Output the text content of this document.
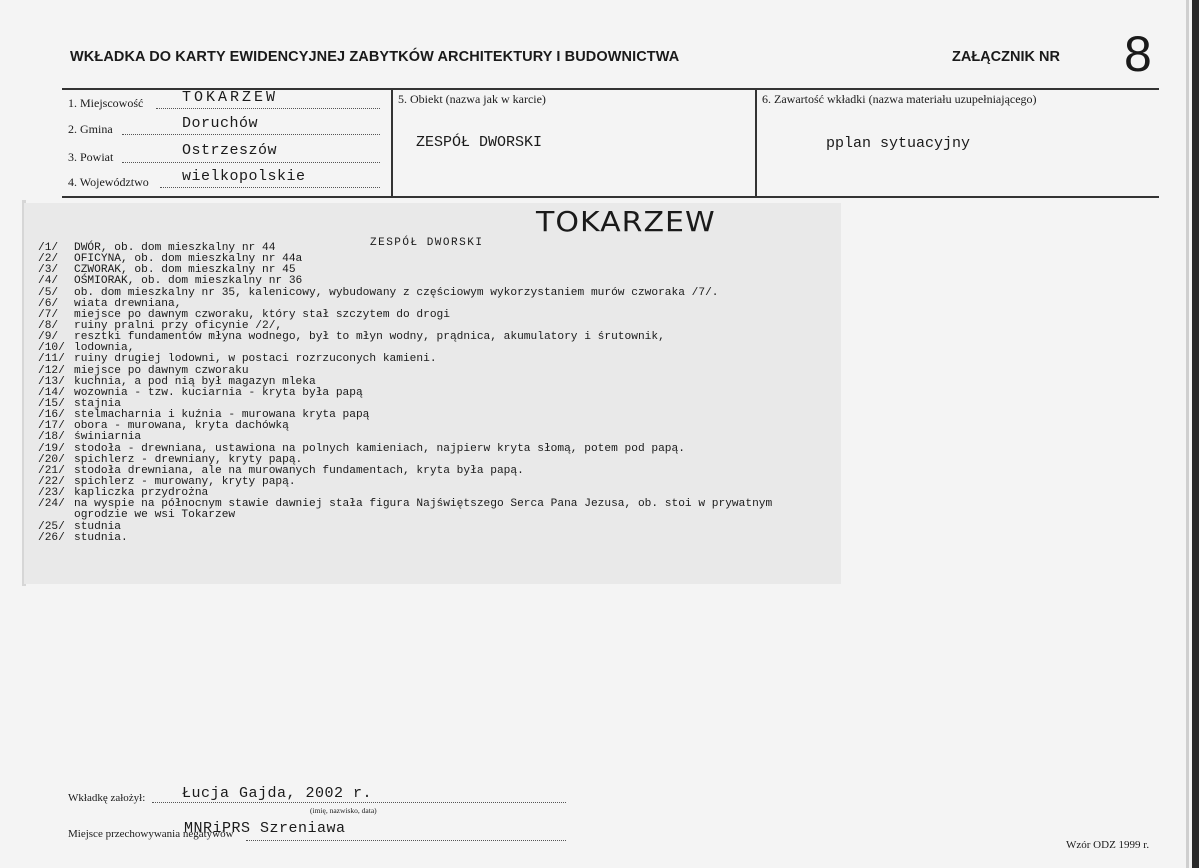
WKŁADKA DO KARTY EWIDENCYJNEJ ZABYTKÓW ARCHITEKTURY I BUDOWNICTWA	ZAŁĄCZNIK NR 8
1. Miejscowość	TOKARZEW
2. Gmina	Doruchów
3. Powiat	Ostrzeszów
4. Województwo wielkopolskie
5. Obiekt (nazwa jak w karcie)
ZESPÓŁ DWORSKI
6. Zawartość wkładki (nazwa materiału uzupełniającego)
pplan sytuacyjny
TOKARZEW
ZESPÓŁ DWORSKI
/1/ DWÓR, ob. dom mieszkalny nr 44
/2/ OFICYNA, ob. dom mieszkalny nr 44a
/3/ CZWORAK, ob. dom mieszkalny nr 45
/4/ OŚMIORAK, ob. dom mieszkalny nr 36
/5/ ob. dom mieszkalny nr 35, kalenicowy, wybudowany z częściowym wykorzystaniem murów czworaka /7/.
/6/ wiata drewniana,
/7/ miejsce po dawnym czworaku, który stał szczytem do drogi
/8/ ruiny pralni przy oficynie /2/,
/9/ resztki fundamentów młyna wodnego, był to młyn wodny, prądnica, akumulatory i śrutownik,
/10/ lodownia,
/11/ ruiny drugiej lodowni, w postaci rozrzuconych kamieni.
/12/ miejsce po dawnym czworaku
/13/ kuchnia, a pod nią był magazyn mleka
/14/ wozownia - tzw. kuciarnia - kryta była papą
/15/ stajnia
/16/ stelmacharnia i kuźnia - murowana kryta papą
/17/ obora - murowana, kryta dachówką
/18/ świniarnia
/19/ stodoła - drewniana, ustawiona na polnych kamieniach, najpierw kryta słomą, potem pod papą.
/20/ spichlerz - drewniany, kryty papą.
/21/ stodoła drewniana, ale na murowanych fundamentach, kryta była papą.
/22/ spichlerz - murowany, kryty papą.
/23/ kapliczka przydrożna
/24/ na wyspie na północnym stawie dawniej stała figura Najświętszego Serca Pana Jezusa, ob. stoi w prywatnym
ogrodzie we wsi Tokarzew
/25/ studnia
/26/ studnia.
Wkładkę założył: Łucja Gajda, 2002 r.
(imię, nazwisko, data)
Miejsce przechowywania negatywów
MNRiPRS Szreniawa
Wzór ODZ 1999 r.
